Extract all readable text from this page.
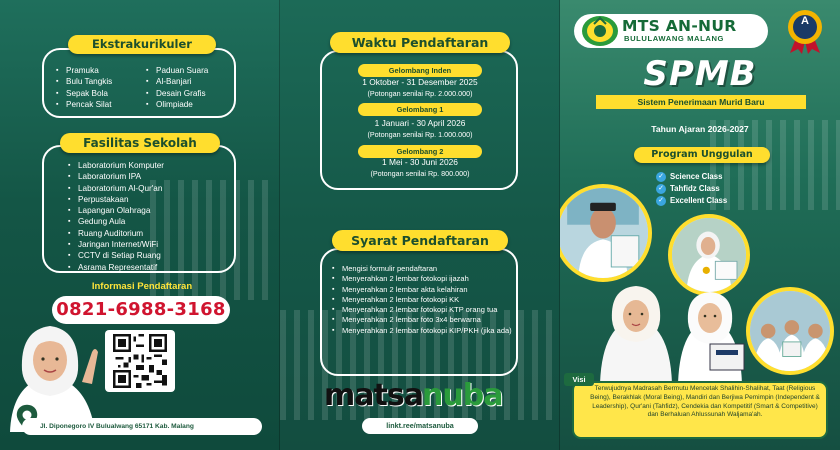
Ekstrakurikuler
▪ Pramuka
▪ Bulu Tangkis
▪ Sepak Bola
▪ Pencak Silat
▪ Paduan Suara
▪ Al-Banjari
▪ Desain Grafis
▪ Olimpiade
Fasilitas Sekolah
▪ Laboratorium Komputer
▪ Laboratorium IPA
▪ Laboratorium Al-Qur'an
▪ Perpustakaan
▪ Lapangan Olahraga
▪ Gedung Aula
▪ Ruang Auditorium
▪ Jaringan Internet/WiFi
▪ CCTV di Setiap Ruang
▪ Asrama Representatif
Informasi Pendaftaran
0821-6988-3168
Jl. Diponegoro IV Bulualwang 65171 Kab. Malang
Waktu Pendaftaran
Gelombang Inden
1 Oktober - 31 Desember 2025
(Potongan senilai Rp. 2.000.000)
Gelombang 1
1 Januari - 30 April 2026
(Potongan senilai Rp. 1.000.000)
Gelombang 2
1 Mei - 30 Juni 2026
(Potongan senilai Rp. 800.000)
Syarat Pendaftaran
▪ Mengisi formulir pendaftaran
▪ Menyerahkan 2 lembar fotokopi ijazah
▪ Menyerahkan 2 lembar akta kelahiran
▪ Menyerahkan 2 lembar fotokopi KK
▪ Menyerahkan 2 lembar fotokopi KTP orang tua
▪ Menyerahkan 2 lembar foto 3x4 berwarna
▪ Menyerahkan 2 lembar fotokopi KIP/PKH (jika ada)
matsa nuba
linkt.ree/matsanuba
MTS AN-NUR
BULULAWANG MALANG
A
SPMB
Sistem Penerimaan Murid Baru
Tahun Ajaran 2026-2027
Program Unggulan
✓ Science Class
✓ Tahfidz Class
✓ Excellent Class
Visi
Terwujudnya Madrasah Bermutu Mencetak Shalihin-Shalihat, Taat (Religious Being), Berakhlak (Moral Being), Mandiri dan Berjiwa Pemimpin (Independent & Leadership), Qur'ani (Tahfidz), Cendekia dan Kompetitif (Smart & Competitive) dan Berhaluan Ahlussunah Waljama'ah.
